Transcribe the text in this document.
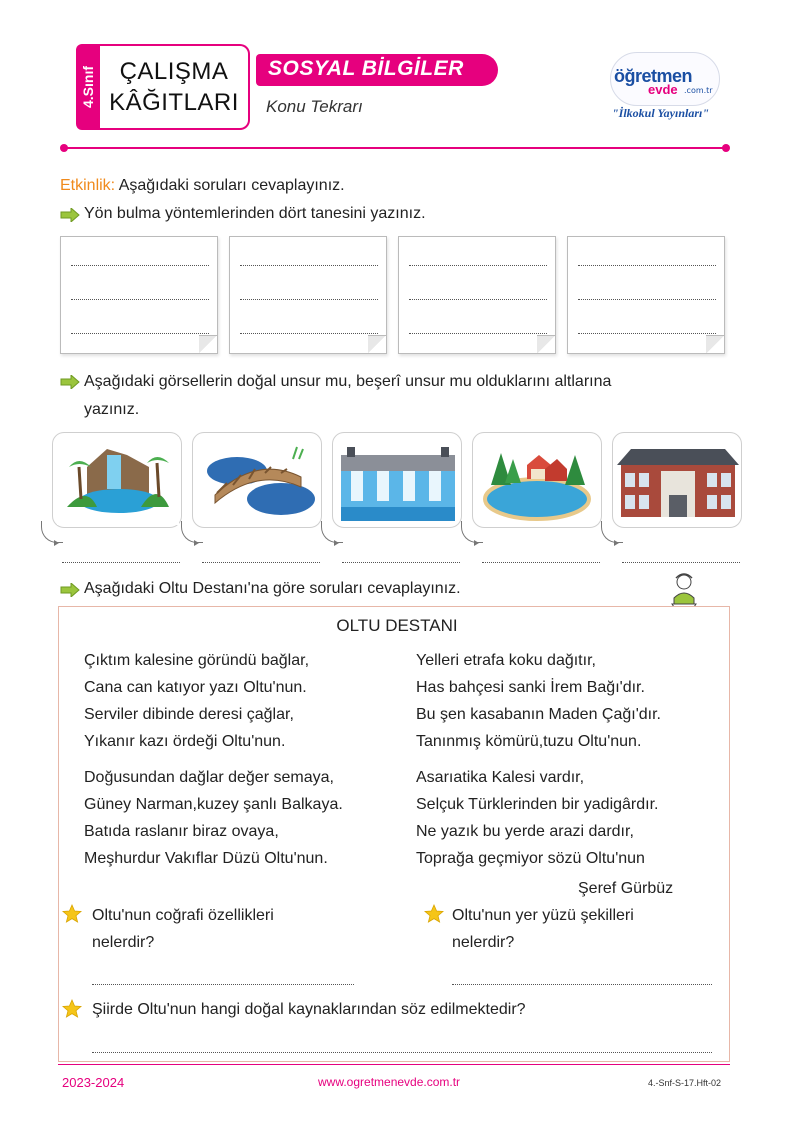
4.Sınıf ÇALIŞMA
KÂĞITLARI
SOSYAL BİLGİLER
Konu Tekrarı
öğretmen
evde .com.tr
"İlkokul Yayınları"
Etkinlik: Aşağıdaki soruları cevaplayınız.
Yön bulma yöntemlerinden dört tanesini yazınız.
Aşağıdaki görsellerin doğal unsur mu, beşerî unsur mu olduklarını altlarına
yazınız.
Aşağıdaki Oltu Destanı'na göre soruları cevaplayınız.
OLTU DESTANI
Çıktım kalesine göründü bağlar,
Cana can katıyor yazı Oltu'nun.
Serviler dibinde deresi çağlar,
Yıkanır kazı ördeği Oltu'nun.
Doğusundan dağlar değer semaya,
Güney Narman,kuzey şanlı Balkaya.
Batıda raslanır biraz ovaya,
Meşhurdur Vakıflar Düzü Oltu'nun.
Yelleri etrafa koku dağıtır,
Has bahçesi sanki İrem Bağı'dır.
Bu şen kasabanın Maden Çağı'dır.
Tanınmış kömürü,tuzu Oltu'nun.
Asarıatika Kalesi vardır,
Selçuk Türklerinden bir yadigârdır.
Ne yazık bu yerde arazi dardır,
Toprağa geçmiyor sözü Oltu'nun
Şeref Gürbüz
Oltu'nun coğrafi özellikleri
nelerdir?
Oltu'nun yer yüzü şekilleri
nelerdir?
Şiirde Oltu'nun hangi doğal kaynaklarından söz edilmektedir?
2023-2024	www.ogretmenevde.com.tr	4.-Snf-S-17.Hft-02
